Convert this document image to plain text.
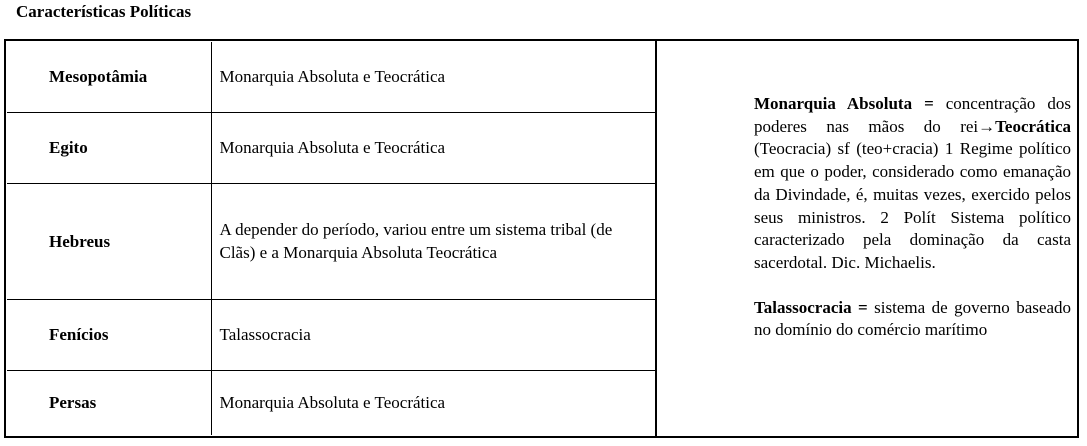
Características Políticas
Mesopotâmia	Monarquia Absoluta e Teocrática
Egito	Monarquia Absoluta e Teocrática
Hebreus	A depender do período, variou entre um sistema tribal (de Clãs) e a Monarquia Absoluta Teocrática
Fenícios	Talassocracia
Persas	Monarquia Absoluta e Teocrática

Monarquia Absoluta = concentração dos poderes nas mãos do rei→Teocrática (Teocracia) sf (teo+cracia) 1 Regime político em que o poder, considerado como emanação da Divindade, é, muitas vezes, exercido pelos seus ministros. 2 Polít Sistema político caracterizado pela dominação da casta sacerdotal. Dic. Michaelis.

Talassocracia = sistema de governo baseado no domínio do comércio marítimo
